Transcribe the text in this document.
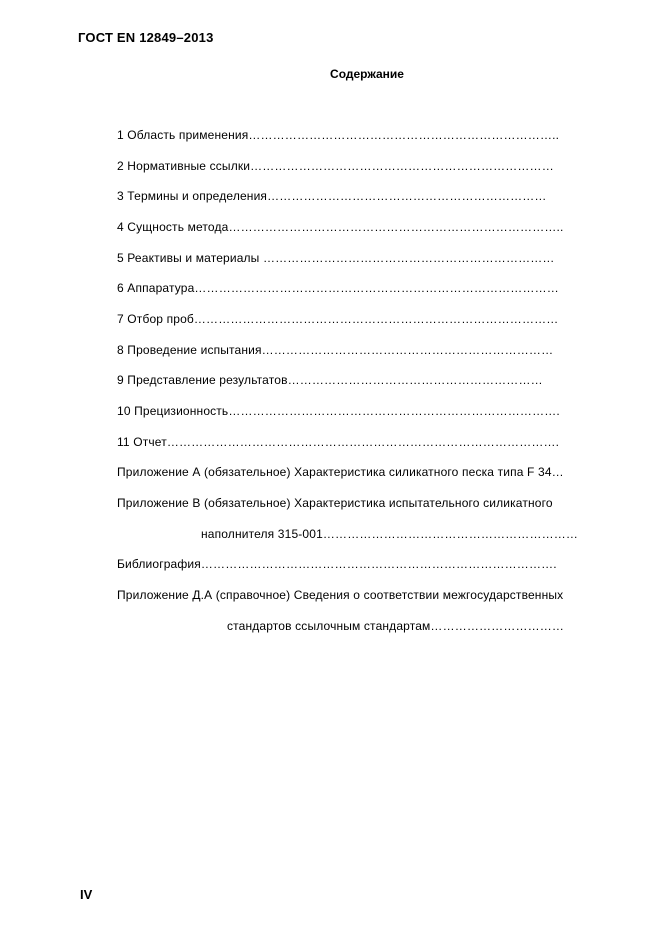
ГОСТ EN 12849–2013
Содержание
1 Область применения…………………………………………………………………..
2 Нормативные ссылки…………………………………………………………………
3 Термины и определения……………………………………………………………
4 Сущность метода………………………………………………………………………..
5 Реактивы и материалы ………………………………………………………………
6 Аппаратура………………………………………………………………………………
7 Отбор проб………………………………………………………………………………
8 Проведение испытания………………………………………………………………
9 Представление результатов………………………………………………………
10 Прецизионность……………………………………………………………………….
11 Отчет…………………………………………………………………………………….
Приложение А (обязательное) Характеристика силикатного песка типа F 34…
Приложение В (обязательное) Характеристика испытательного силикатного
наполнителя 315-001………………………………………………………
Библиография…………………………………………………………………………….
Приложение Д.А (справочное) Сведения о соответствии межгосударственных
стандартов ссылочным стандартам……………………………
IV
